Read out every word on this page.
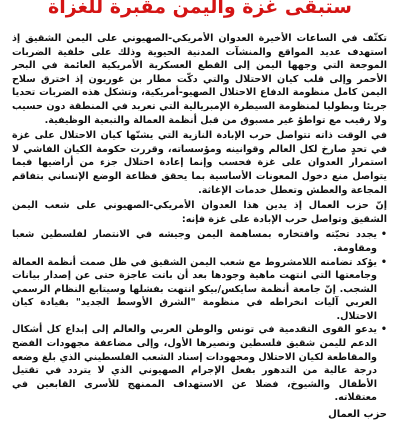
ستبقى غزة واليمن مقبرة للغزاة

تكثّف في الساعات الأخيرة العدوان الأمريكي-الصهيوني على اليمن الشقيق إذ استهدف عديد المواقع والمنشآت المدنية الحيوية وذلك على خلفية الضربات الموجعة التي وجهها اليمن إلى القطع العسكرية الأمريكية العائمة في البحر الأحمر وإلى قلب كيان الاحتلال والتي دكّت مطار بن غوريون إذ اخترق سلاح اليمن كامل منظومة الدفاع الاحتلال الصهيو-أمريكية، وتشكل هذه الضربات تحديا جريئا وبطوليا لمنظومة السيطرة الإمبريالية التي تعربد في المنطقة دون حسيب ولا رقيب مع تواطؤ غير مسبوق من قبل أنظمة العمالة والتبعية الوظيفية.

في الوقت ذاته تتواصل حرب الإبادة النازية التي يشنّها كيان الاحتلال على غزة في تحدٍ صارخ لكل العالم وقوانينه ومؤسساته، وقررت حكومة الكيان الفاشي لا استمرار العدوان على غزة فحسب وإنما إعادة احتلال جزء من أراضيها فيما يتواصل منع دخول المعونات الأساسية بما يحقق فظاعة الوضع الإنساني بتفاقم المجاعة والعطش وتعطل خدمات الإغاثة.

إنّ حزب العمال إذ يدين هذا العدوان الأمريكي-الصهيوني على شعب اليمن الشقيق وتواصل حرب الإبادة على غزة فإنه:

• يجدد تحيّته وافتخاره بمساهمة اليمن وجيشه في الانتصار لفلسطين شعبا ومقاومة.
• يؤكد تضامنه اللامشروط مع شعب اليمن الشقيق في ظل صمت أنظمة العمالة وجامعتها التي انتهت ماهية وجودها بعد أن باتت عاجزة حتى عن إصدار بيانات الشجب. إنّ جامعة أنظمة سايكس/بيكو انتهت بفشلها وسيتابع النظام الرسمي العربي آليات انخراطه في منظومة "الشرق الأوسط الجديد" بقيادة كيان الاحتلال.
• يدعو القوى التقدمية في تونس والوطن العربي والعالم إلى إبداع كل أشكال الدعم لليمن شقيق فلسطين ونصيرها الأول، وإلى مضاعفة مجهودات الفضح والمقاطعة لكيان الاحتلال ومجهودات إسناد الشعب الفلسطيني الذي بلغ وضعه درجة عالية من التدهور بفعل الإجرام الصهيوني الذي لا يتردد في تقتيل الأطفال والشيوخ، فضلا عن الاستهداف الممنهج للأسرى القابعين في معتقلاته.
حزب العمال
